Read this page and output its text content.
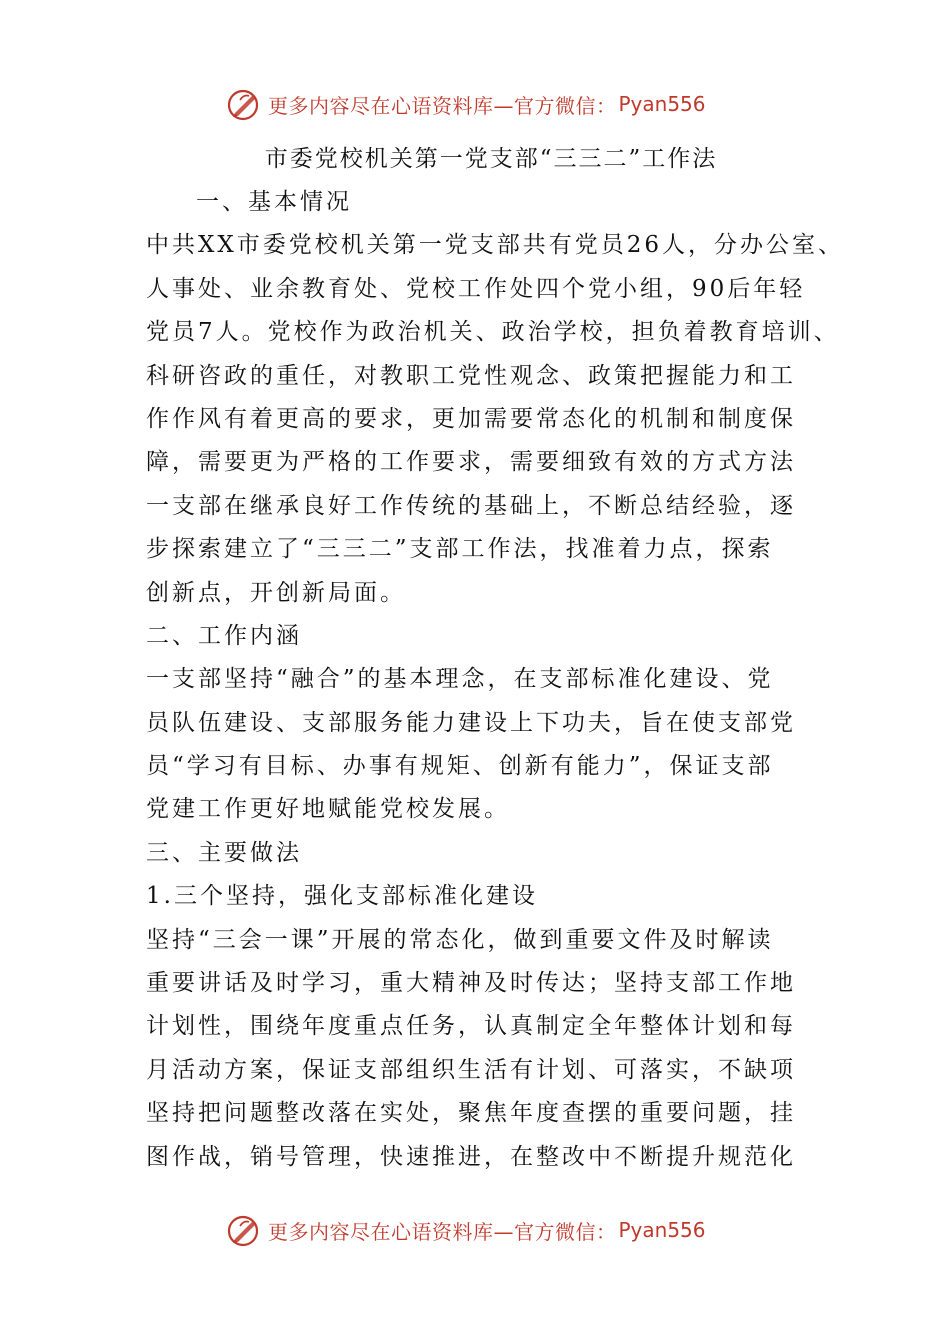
更多内容尽在心语资料库—官方微信： Pyan556
市委党校机关第一党支部“三三二”工作法
一、基本情况
中共XX市委党校机关第一党支部共有党员26人，分办公室、
人事处、业余教育处、党校工作处四个党小组，90后年轻
党员7人。党校作为政治机关、政治学校，担负着教育培训、
科研咨政的重任，对教职工党性观念、政策把握能力和工
作作风有着更高的要求，更加需要常态化的机制和制度保
障，需要更为严格的工作要求，需要细致有效的方式方法
一支部在继承良好工作传统的基础上，不断总结经验，逐
步探索建立了“三三二”支部工作法，找准着力点，探索
创新点，开创新局面。
二、工作内涵
一支部坚持“融合”的基本理念，在支部标准化建设、党
员队伍建设、支部服务能力建设上下功夫，旨在使支部党
员“学习有目标、办事有规矩、创新有能力”，保证支部
党建工作更好地赋能党校发展。
三、主要做法
1.三个坚持，强化支部标准化建设
坚持“三会一课”开展的常态化，做到重要文件及时解读
重要讲话及时学习，重大精神及时传达；坚持支部工作地
计划性，围绕年度重点任务，认真制定全年整体计划和每
月活动方案，保证支部组织生活有计划、可落实，不缺项
坚持把问题整改落在实处，聚焦年度查摆的重要问题，挂
图作战，销号管理，快速推进，在整改中不断提升规范化
更多内容尽在心语资料库—官方微信： Pyan556
